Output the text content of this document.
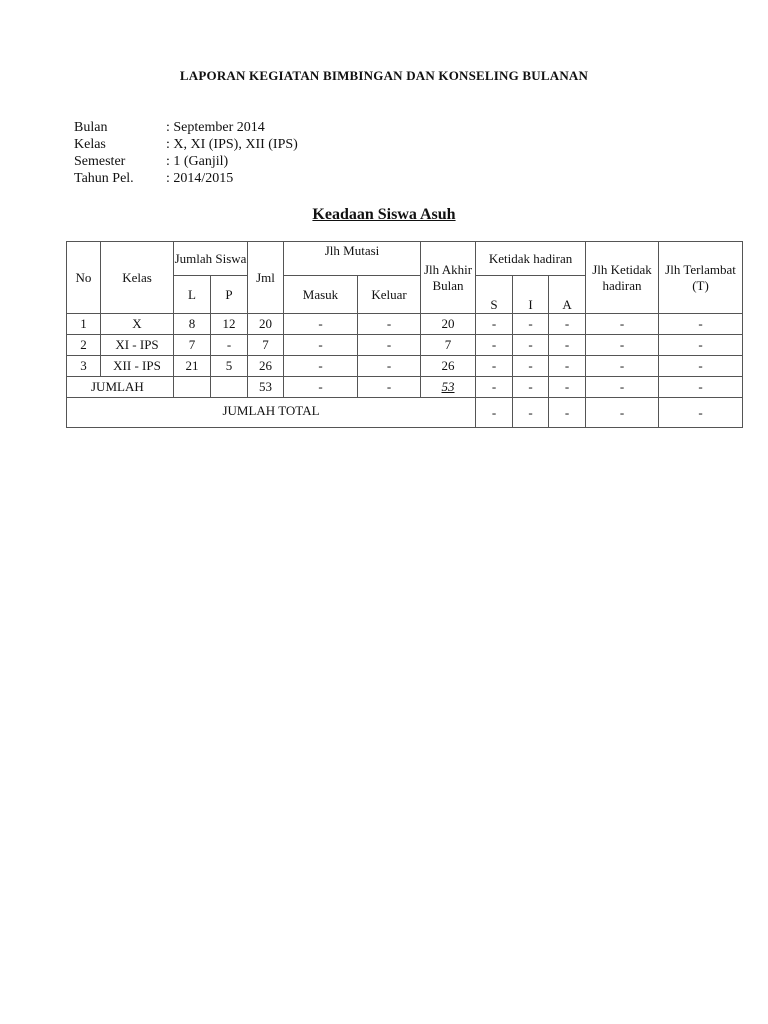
LAPORAN KEGIATAN BIMBINGAN DAN KONSELING BULANAN
Bulan	: September 2014
Kelas	: X, XI (IPS), XII (IPS)
Semester	: 1 (Ganjil)
Tahun Pel.	: 2014/2015
Keadaan Siswa Asuh
No	Kelas	Jumlah Siswa		Jml	Jlh Mutasi		Jlh Akhir Bulan	Ketidak hadiran			Jlh Ketidak hadiran	Jlh Terlambat (T)
		L	P		Masuk	Keluar		S	I	A		
1	X	8	12	20	-	-	20	-	-	-	-	-
2	XI - IPS	7	-	7	-	-	7	-	-	-	-	-
3	XII - IPS	21	5	26	-	-	26	-	-	-	-	-
JUMLAH				53	-	-	53	-	-	-	-	-
JUMLAH TOTAL								-	-	-	-	-
